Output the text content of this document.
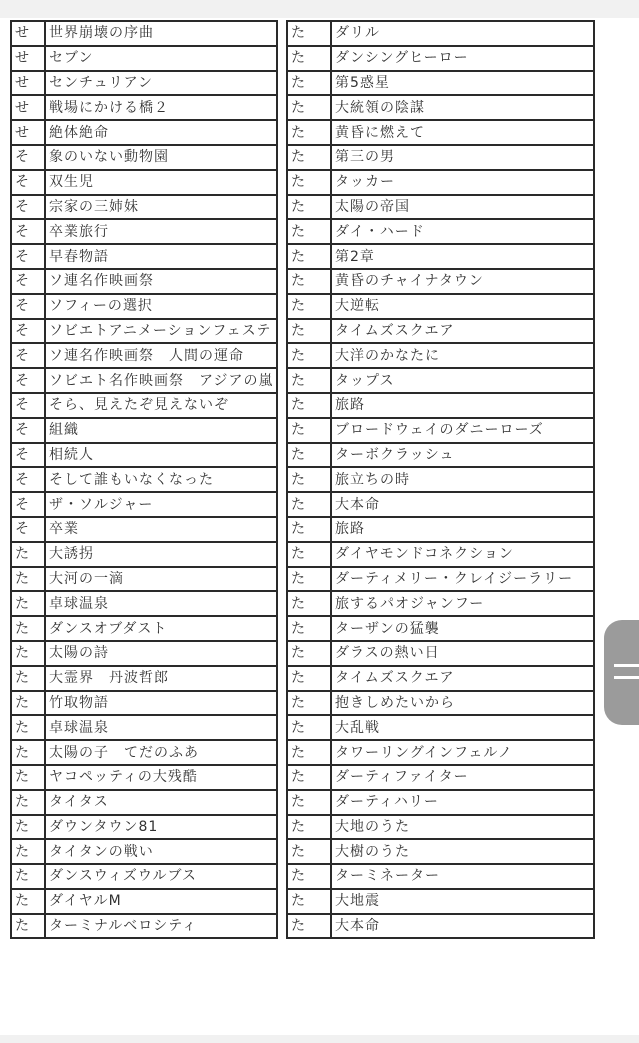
せ	世界崩壊の序曲
せ	セブン
せ	センチュリアン
せ	戦場にかける橋２
せ	絶体絶命
そ	象のいない動物園
そ	双生児
そ	宗家の三姉妹
そ	卒業旅行
そ	早春物語
そ	ソ連名作映画祭
そ	ソフィーの選択
そ	ソビエトアニメーションフェステ
そ	ソ連名作映画祭　人間の運命
そ	ソビエト名作映画祭　アジアの嵐
そ	そら、見えたぞ見えないぞ
そ	組織
そ	相続人
そ	そして誰もいなくなった
そ	ザ・ソルジャー
そ	卒業
た	大誘拐
た	大河の一滴
た	卓球温泉
た	ダンスオブダスト
た	太陽の詩
た	大霊界　丹波哲郎
た	竹取物語
た	卓球温泉
た	太陽の子　てだのふあ
た	ヤコペッティの大残酷
た	タイタス
た	ダウンタウン81
た	タイタンの戦い
た	ダンスウィズウルブス
た	ダイヤルM
た	ターミナルベロシティ
た	ダリル
た	ダンシングヒーロー
た	第5惑星
た	大統領の陰謀
た	黄昏に燃えて
た	第三の男
た	タッカー
た	太陽の帝国
た	ダイ・ハード
た	第2章
た	黄昏のチャイナタウン
た	大逆転
た	タイムズスクエア
た	大洋のかなたに
た	タップス
た	旅路
た	ブロードウェイのダニーローズ
た	ターボクラッシュ
た	旅立ちの時
た	大本命
た	旅路
た	ダイヤモンドコネクション
た	ダーティメリー・クレイジーラリー
た	旅するパオジャンフー
た	ターザンの猛襲
た	ダラスの熱い日
た	タイムズスクエア
た	抱きしめたいから
た	大乱戦
た	タワーリングインフェルノ
た	ダーティファイター
た	ダーティハリー
た	大地のうた
た	大樹のうた
た	ターミネーター
た	大地震
た	大本命
